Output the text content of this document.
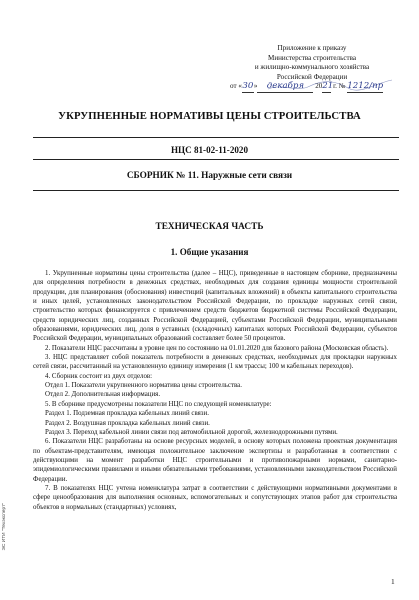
Приложение к приказу
Министерства строительства
и жилищно-коммунального хозяйства
Российской Федерации
от «30» декабря 2021 г. № 1212/пр
УКРУПНЕННЫЕ НОРМАТИВЫ ЦЕНЫ СТРОИТЕЛЬСТВА
НЦС 81-02-11-2020
СБОРНИК № 11. Наружные сети связи
ТЕХНИЧЕСКАЯ ЧАСТЬ
1. Общие указания

1. Укрупненные нормативы цены строительства (далее – НЦС), приведенные в настоящем сборнике, предназначены для определения потребности в денежных средствах, необходимых для создания единицы мощности строительной продукции, для планирования (обоснования) инвестиций (капитальных вложений) в объекты капитального строительства и иных целей, установленных законодательством Российской Федерации, по прокладке наружных сетей связи, строительство которых финансируется с привлечением средств бюджетов бюджетной системы Российской Федерации, средств юридических лиц, созданных Российской Федерацией, субъектами Российской Федерации, муниципальными образованиями, юридических лиц, доля в уставных (складочных) капиталах которых Российской Федерации, субъектов Российской Федерации, муниципальных образований составляет более 50 процентов.

2. Показатели НЦС рассчитаны в уровне цен по состоянию на 01.01.2020 для базового района (Московская область).

3. НЦС представляет собой показатель потребности в денежных средствах, необходимых для прокладки наружных сетей связи, рассчитанный на установленную единицу измерения (1 км трассы; 100 м кабельных переходов).

4. Сборник состоит из двух отделов:

Отдел 1. Показатели укрупненного норматива цены строительства.

Отдел 2. Дополнительная информация.

5. В сборнике предусмотрены показатели НЦС по следующей номенклатуре:

Раздел 1. Подземная прокладка кабельных линий связи.

Раздел 2. Воздушная прокладка кабельных линий связи.

Раздел 3. Переход кабельной линии связи под автомобильной дорогой, железнодорожными путями.

6. Показатели НЦС разработаны на основе ресурсных моделей, в основу которых положена проектная документация по объектам-представителям, имеющая положительное заключение экспертизы и разработанная в соответствии с действующими на момент разработки НЦС строительными и противопожарными нормами, санитарно-эпидемиологическими правилами и иными обязательными требованиями, установленными законодательством Российской Федерации.

7. В показателях НЦС учтена номенклатура затрат в соответствии с действующими нормативными документами в сфере ценообразования для выполнения основных, вспомогательных и сопутствующих этапов работ для строительства объектов в нормальных (стандартных) условиях,

ЭС ИТИ "Техэксперт"
1
